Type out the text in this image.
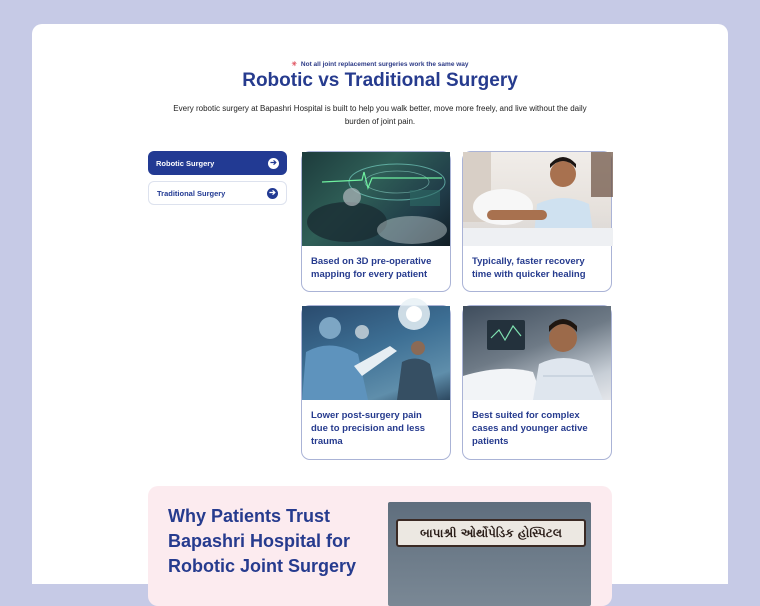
✳ Not all joint replacement surgeries work the same way
Robotic vs Traditional Surgery

Every robotic surgery at Bapashri Hospital is built to help you walk better, move more freely, and live without the daily burden of joint pain.

Robotic Surgery	➔
Traditional Surgery	➔
Based on 3D pre-operative mapping for every patient
Typically, faster recovery time with quicker healing
Lower post-surgery pain due to precision and less trauma
Best suited for complex cases and younger active patients
Why Patients Trust Bapashri Hospital for Robotic Joint Surgery
બાપાશ્રી ઓર્થોપેડિક હોસ્પિટલ
